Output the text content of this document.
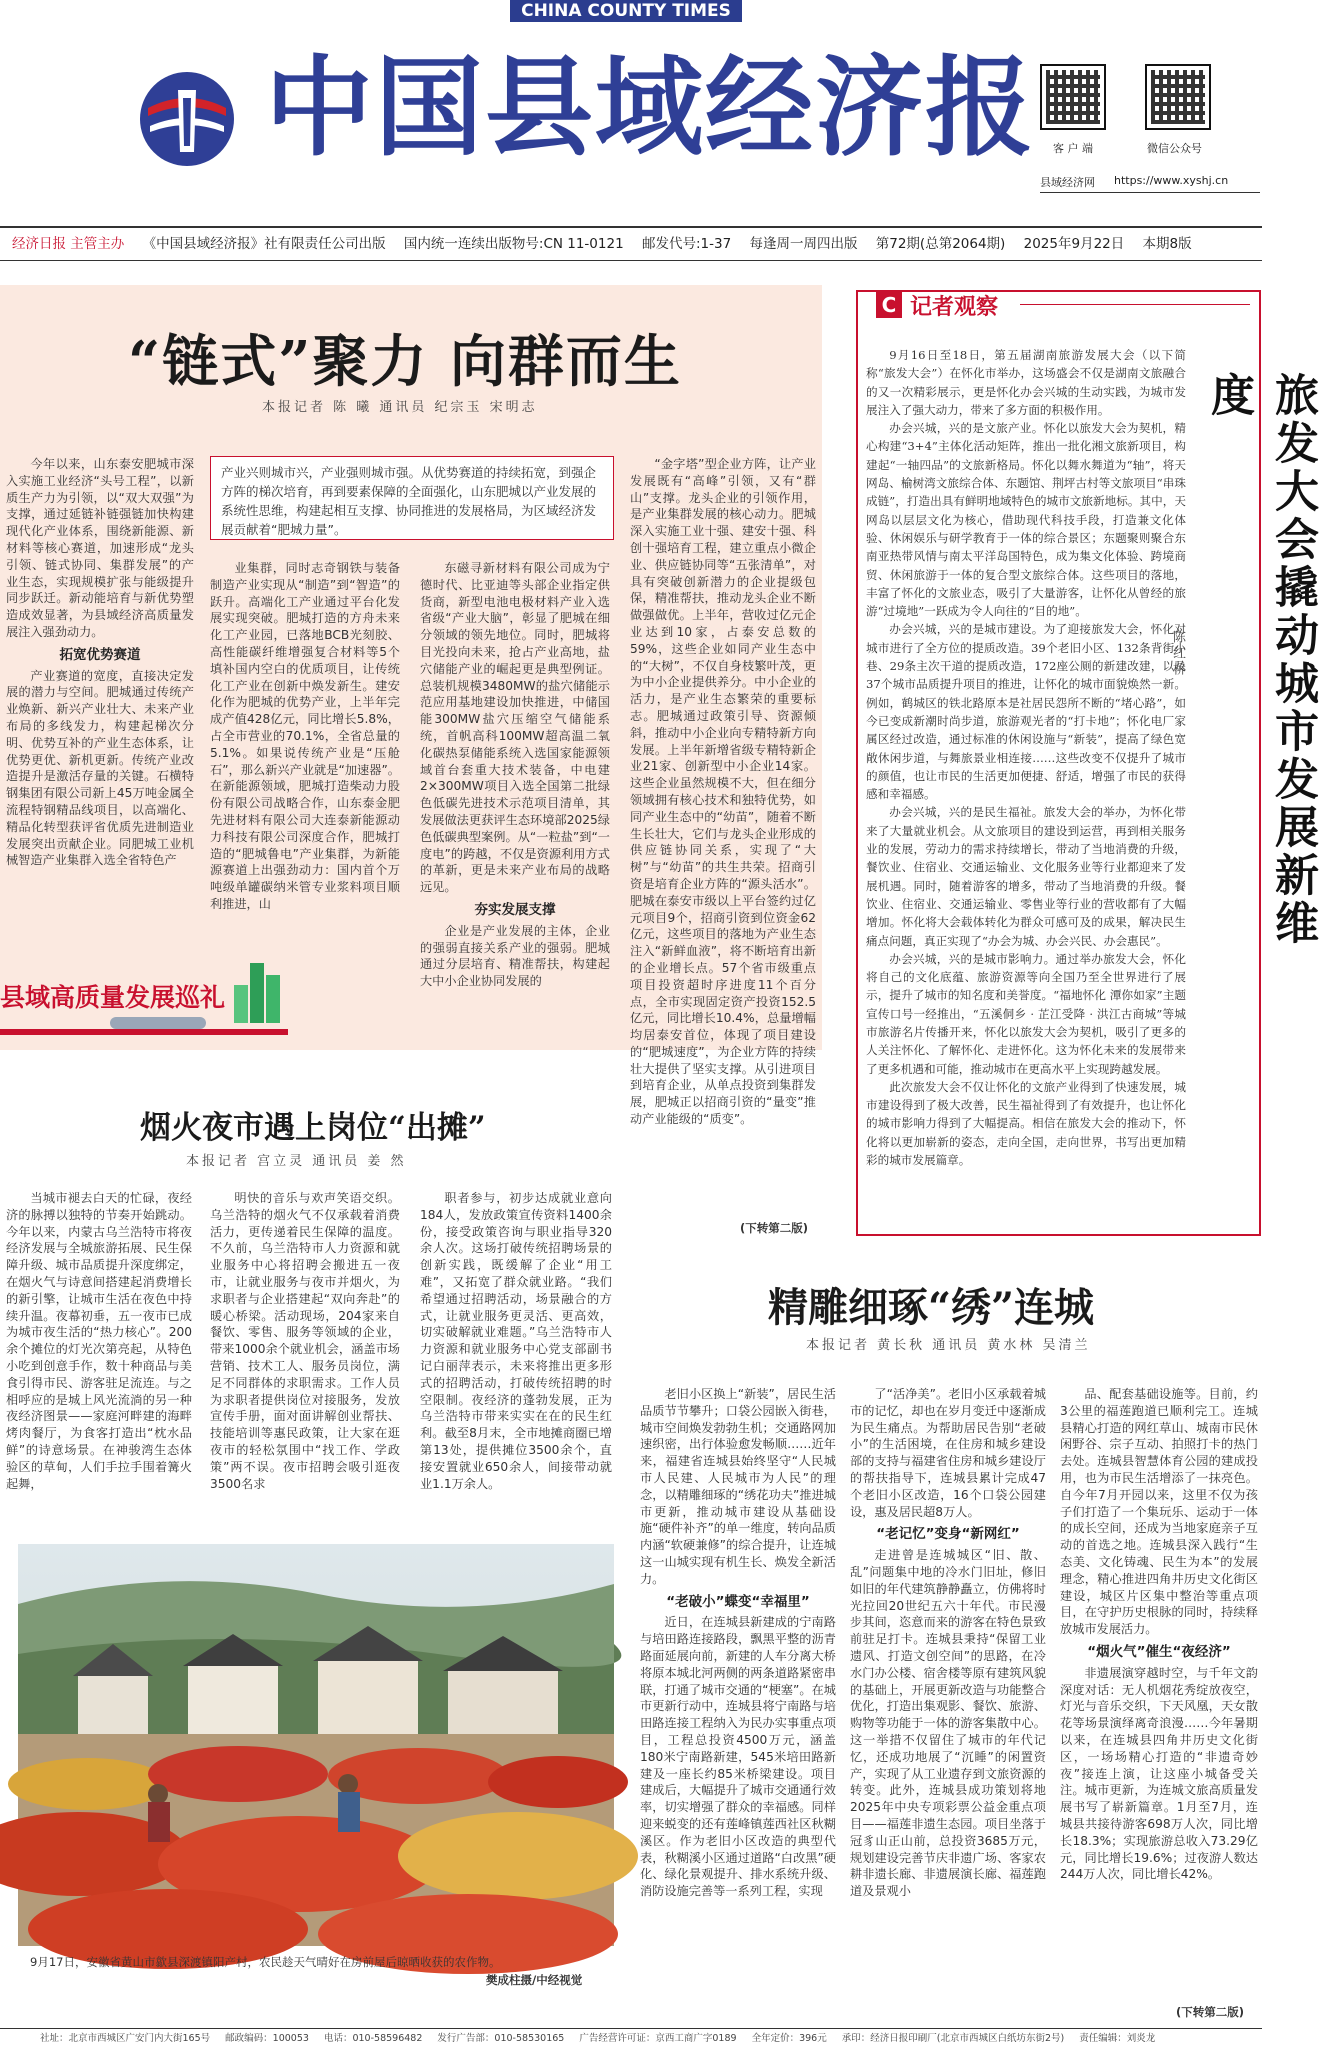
CHINA COUNTY TIMES
中国县域经济报 客 户 端	微信公众号
县域经济网 https://www.xyshj.cn
经济日报 主管主办 《中国县域经济报》社有限责任公司出版 国内统一连续出版物号:CN 11-0121 邮发代号:1-37 每逢周一周四出版 第72期(总第2064期) 2025年9月22日 本期8版
“链式”聚力 向群而生
本报记者 陈 曦 通讯员 纪宗玉 宋明志
产业兴则城市兴，产业强则城市强。从优势赛道的持续拓宽，到强企方阵的梯次培育，再到要素保障的全面强化，山东肥城以产业发展的系统性思维，构建起相互支撑、协同推进的发展格局，为区域经济发展贡献着“肥城力量”。

今年以来，山东泰安肥城市深入实施工业经济“头号工程”，以新质生产力为引领，以“双大双强”为支撑，通过延链补链强链加快构建现代化产业体系，围绕新能源、新材料等核心赛道，加速形成“龙头引领、链式协同、集群发展”的产业生态，实现规模扩张与能级提升同步跃迁。新动能培育与新优势塑造成效显著，为县域经济高质量发展注入强劲动力。

拓宽优势赛道

产业赛道的宽度，直接决定发展的潜力与空间。肥城通过传统产业焕新、新兴产业壮大、未来产业布局的多线发力，构建起梯次分明、优势互补的产业生态体系，让优势更优、新机更新。传统产业改造提升是激活存量的关键。石横特钢集团有限公司新上45万吨金属全流程特钢精品线项目，以高端化、精品化转型获评省优质先进制造业发展突出贡献企业。同肥城工业机械智造产业集群入选全省特色产

业集群，同时志奇钢铁与装备制造产业实现从“制造”到“智造”的跃升。高端化工产业通过平台化发展实现突破。肥城打造的方舟未来化工产业园，已落地BCB光刻胶、高性能碳纤维增强复合材料等5个填补国内空白的优质项目，让传统化工产业在创新中焕发新生。建安化作为肥城的优势产业，上半年完成产值428亿元，同比增长5.8%，占全市营业的70.1%，全省总量的5.1%。如果说传统产业是“压舱石”，那么新兴产业就是“加速器”。在新能源领域，肥城打造柴动力股份有限公司战略合作，山东泰金肥先进材料有限公司大连泰新能源动力科技有限公司深度合作，肥城打造的“肥城鲁电”产业集群，为新能源赛道上出强劲动力：国内首个万吨级单罐碳纳米管专业浆料项目顺利推进，山

东磁寻新材料有限公司成为宁德时代、比亚迪等头部企业指定供货商，新型电池电极材料产业入选省级“产业大脑”，彰显了肥城在细分领域的领先地位。同时，肥城将目光投向未来，抢占产业高地，盐穴储能产业的崛起更是典型例证。总装机规模3480MW的盐穴储能示范应用基地建设加快推进，中储国能300MW盐穴压缩空气储能系统，首帆高科100MW超高温二氧化碳热泵储能系统入选国家能源领域首台套重大技术装备，中电建2×300MW项目入选全国第二批绿色低碳先进技术示范项目清单，其发展做法更获评生态环境部2025绿色低碳典型案例。从“一粒盐”到“一度电”的跨越，不仅是资源利用方式的革新，更是未来产业布局的战略远见。

夯实发展支撑

企业是产业发展的主体，企业的强弱直接关系产业的强弱。肥城通过分层培育、精准帮扶，构建起大中小企业协同发展的

“金字塔”型企业方阵，让产业发展既有“高峰”引领，又有“群山”支撑。龙头企业的引领作用，是产业集群发展的核心动力。肥城深入实施工业十强、建安十强、科创十强培育工程，建立重点小微企业、供应链协同等“五张清单”，对具有突破创新潜力的企业提级包保，精准帮扶，推动龙头企业不断做强做优。上半年，营收过亿元企业达到10家，占泰安总数的59%，这些企业如同产业生态中的“大树”，不仅自身枝繁叶茂，更为中小企业提供养分。中小企业的活力，是产业生态繁荣的重要标志。肥城通过政策引导、资源倾斜，推动中小企业向专精特新方向发展。上半年新增省级专精特新企业21家、创新型中小企业14家。这些企业虽然规模不大，但在细分领域拥有核心技术和独特优势，如同产业生态中的“幼苗”，随着不断生长壮大，它们与龙头企业形成的供应链协同关系，实现了“大树”与“幼苗”的共生共荣。招商引资是培育企业方阵的“源头活水”。肥城在泰安市级以上平台签约过亿元项目9个，招商引资到位资金62亿元，这些项目的落地为产业生态注入“新鲜血液”，将不断培育出新的企业增长点。57个省市级重点项目投资超时序进度11个百分点，全市实现固定资产投资152.5亿元，同比增长10.4%，总量增幅均居泰安首位，体现了项目建设的“肥城速度”，为企业方阵的持续壮大提供了坚实支撑。从引进项目到培育企业，从单点投资到集群发展，肥城正以招商引资的“量变”推动产业能级的“质变”。

(下转第二版)
县域高质量发展巡礼
C 记者观察

9月16日至18日，第五届湖南旅游发展大会（以下简称“旅发大会”）在怀化市举办，这场盛会不仅是湖南文旅融合的又一次精彩展示，更是怀化办会兴城的生动实践，为城市发展注入了强大动力，带来了多方面的积极作用。

办会兴城，兴的是文旅产业。怀化以旅发大会为契机，精心构建“3+4”主体化活动矩阵，推出一批化湘文旅新项目，构建起“一轴四品”的文旅新格局。怀化以舞水舞道为“轴”，将天网岛、榆树湾文旅综合体、东题馆、荆坪古村等文旅项目“串珠成链”，打造出具有鲜明地域特色的城市文旅新地标。其中，天网岛以层层文化为核心，借助现代科技手段，打造兼文化体验、休闲娱乐与研学教育于一体的综合景区；东题聚则聚合东南亚热带风情与南太平洋岛国特色，成为集文化体验、跨境商贸、休闲旅游于一体的复合型文旅综合体。这些项目的落地，丰富了怀化的文旅业态，吸引了大量游客，让怀化从曾经的旅游“过境地”一跃成为令人向往的“目的地”。

办会兴城，兴的是城市建设。为了迎接旅发大会，怀化对城市进行了全方位的提质改造。39个老旧小区、132条背街小巷、29条主次干道的提质改造，172座公厕的新建改建，以及37个城市品质提升项目的推进，让怀化的城市面貌焕然一新。例如，鹤城区的铁北路原本是社居民怨所不断的“堵心路”，如今已变成新潮时尚步道，旅游观光者的“打卡地”；怀化电厂家属区经过改造，通过标准的休闲设施与“新装”，提高了绿色宽敞休闲步道，与舞旅景业相连接……这些改变不仅提升了城市的颜值，也让市民的生活更加便捷、舒适，增强了市民的获得感和幸福感。

办会兴城，兴的是民生福祉。旅发大会的举办，为怀化带来了大量就业机会。从文旅项目的建设到运营，再到相关服务业的发展，劳动力的需求持续增长，带动了当地消费的升级，餐饮业、住宿业、交通运输业、文化服务业等行业都迎来了发展机遇。同时，随着游客的增多，带动了当地消费的升级。餐饮业、住宿业、交通运输业、零售业等行业的营收都有了大幅增加。怀化将大会载体转化为群众可感可及的成果，解决民生痛点问题，真正实现了“办会为城、办会兴民、办会惠民”。

办会兴城，兴的是城市影响力。通过举办旅发大会，怀化将自己的文化底蕴、旅游资源等向全国乃至全世界进行了展示，提升了城市的知名度和美誉度。“福地怀化 潭你如家”主题宣传口号一经推出，“五溪侗乡 · 芷江受降 · 洪江古商城”等城市旅游名片传播开来，怀化以旅发大会为契机，吸引了更多的人关注怀化、了解怀化、走进怀化。这为怀化未来的发展带来了更多机遇和可能，推动城市在更高水平上实现跨越发展。

此次旅发大会不仅让怀化的文旅产业得到了快速发展，城市建设得到了极大改善，民生福祉得到了有效提升，也让怀化的城市影响力得到了大幅提高。相信在旅发大会的推动下，怀化将以更加崭新的姿态，走向全国，走向世界，书写出更加精彩的城市发展篇章。

旅发大会撬动城市发展新维度
陈红桥
烟火夜市遇上岗位“出摊”
本报记者 宫立灵 通讯员 姜 然

当城市褪去白天的忙碌，夜经济的脉搏以独特的节奏开始跳动。今年以来，内蒙古乌兰浩特市将夜经济发展与全城旅游拓展、民生保障升级、城市品质提升深度绑定，在烟火气与诗意间搭建起消费增长的新引擎，让城市生活在夜色中持续升温。夜幕初垂，五一夜市已成为城市夜生活的“热力核心”。200余个摊位的灯光次第亮起，从特色小吃到创意手作，数十种商品与美食引得市民、游客驻足流连。与之相呼应的是城上风光流淌的另一种夜经济图景——家庭河畔建的海畔烤肉餐厅，为食客打造出“枕水品鲜”的诗意场景。在神骏湾生态体验区的草甸，人们手拉手围着篝火起舞，

明快的音乐与欢声笑语交织。乌兰浩特的烟火气不仅承载着消费活力，更传递着民生保障的温度。不久前，乌兰浩特市人力资源和就业服务中心将招聘会搬进五一夜市，让就业服务与夜市并烟火，为求职者与企业搭建起“双向奔赴”的暖心桥梁。活动现场，204家来自餐饮、零售、服务等领域的企业，带来1000余个就业机会，涵盖市场营销、技术工人、服务员岗位，满足不同群体的求职需求。工作人员为求职者提供岗位对接服务，发放宣传手册，面对面讲解创业帮扶、技能培训等惠民政策，让大家在逛夜市的轻松氛围中“找工作、学政策”两不误。夜市招聘会吸引逛夜3500名求

职者参与，初步达成就业意向184人，发放政策宣传资料1400余份，接受政策咨询与职业指导320余人次。这场打破传统招聘场景的创新实践，既缓解了企业“用工难”，又拓宽了群众就业路。“我们希望通过招聘活动，场景融合的方式，让就业服务更灵活、更高效，切实破解就业难题。”乌兰浩特市人力资源和就业服务中心党支部副书记白丽萍表示，未来将推出更多形式的招聘活动，打破传统招聘的时空限制。夜经济的蓬勃发展，正为乌兰浩特市带来实实在在的民生红利。截至8月末，全市地摊商圈已增第13处，提供摊位3500余个，直接安置就业650余人，间接带动就业1.1万余人。

9月17日，安徽省黄山市歙县深渡镇阳产村，农民趁天气晴好在房前屋后晾晒收获的农作物。
樊成柱摄/中经视觉
精雕细琢“绣”连城
本报记者 黄长秋 通讯员 黄水林 吴清兰

老旧小区换上“新装”，居民生活品质节节攀升；口袋公园嵌入街巷，城市空间焕发勃勃生机；交通路网加速织密，出行体验愈发畅顺……近年来，福建省连城县始终坚守“人民城市人民建、人民城市为人民”的理念，以精雕细琢的“绣花功夫”推进城市更新，推动城市建设从基础设施“硬件补齐”的单一维度，转向品质内涵“软硬兼修”的综合提升，让连城这一山城实现有机生长、焕发全新活力。

“老破小”蝶变“幸福里”

近日，在连城县新建成的宁南路与培田路连接路段，飘黑平整的沥青路面延展向前，新建的人车分离大桥将原本城北河两侧的两条道路紧密串联，打通了城市交通的“梗塞”。在城市更新行动中，连城县将宁南路与培田路连接工程纳入为民办实事重点项目，工程总投资4500万元，涵盖180米宁南路新建，545米培田路新建及一座长约85米桥梁建设。项目建成后，大幅提升了城市交通通行效率，切实增强了群众的幸福感。同样迎来蜕变的还有莲峰镇莲西社区秋糊溪区。作为老旧小区改造的典型代表，秋糊溪小区通过道路“白改黑”硬化、绿化景观提升、排水系统升级、消防设施完善等一系列工程，实现

了“活净美”。老旧小区承载着城市的记忆，却也在岁月变迁中逐渐成为民生痛点。为帮助居民告别“老破小”的生活困境，在住房和城乡建设部的支持与福建省住房和城乡建设厅的帮扶指导下，连城县累计完成47个老旧小区改造，16个口袋公园建设，惠及居民超8万人。

“老记忆”变身“新网红”

走进曾是连城城区“旧、散、乱”问题集中地的冷水门旧址，修旧如旧的年代建筑静静矗立，仿佛将时光拉回20世纪五六十年代。市民漫步其间，恣意而来的游客在特色景致前驻足打卡。连城县秉持“保留工业遗风、打造文创空间”的思路，在冷水门办公楼、宿舍楼等原有建筑风貌的基础上，开展更新改造与功能整合优化，打造出集观影、餐饮、旅游、购物等功能于一体的游客集散中心。这一举措不仅留住了城市的年代记忆，还成功地展了“沉睡”的闲置资产，实现了从工业遗存到文旅资源的转变。此外，连城县成功策划将地2025年中央专项彩票公益金重点项目——福莲非遗生态园。项目坐落于冠豸山正山前，总投资3685万元，规划建设完善节庆非遗广场、客家农耕非遗长廊、非遗展演长廊、福莲跑道及景观小

品、配套基础设施等。目前，约3公里的福莲跑道已顺利完工。连城县精心打造的网红草山、城南市民休闲野谷、宗子互动、拍照打卡的热门去处。连城县智慧体育公园的建成投用，也为市民生活增添了一抹亮色。自今年7月开园以来，这里不仅为孩子们打造了一个集玩乐、运动于一体的成长空间，还成为当地家庭亲子互动的首选之地。连城县深入践行“生态美、文化铸魂、民生为本”的发展理念，精心推进四角井历史文化街区建设，城区片区集中整治等重点项目，在守护历史根脉的同时，持续释放城市发展活力。

“烟火气”催生“夜经济”

非遗展演穿越时空，与千年文韵深度对话：无人机烟花秀绽放夜空，灯光与音乐交织，下天风凰，天女散花等场景演绎离奇浪漫……今年暑期以来，在连城县四角井历史文化街区，一场场精心打造的“非遗奇妙夜”接连上演，让这座小城备受关注。城市更新，为连城文旅高质量发展书写了崭新篇章。1月至7月，连城县共接待游客698万人次，同比增长18.3%；实现旅游总收入73.29亿元，同比增长19.6%；过夜游人数达244万人次，同比增长42%。

(下转第二版)
社址：北京市西城区广安门内大街165号 邮政编码：100053 电话：010-58596482 发行广告部：010-58530165 广告经营许可证：京西工商广字0189 全年定价：396元 承印：经济日报印刷厂(北京市西城区白纸坊东街2号) 责任编辑：刘炎龙
